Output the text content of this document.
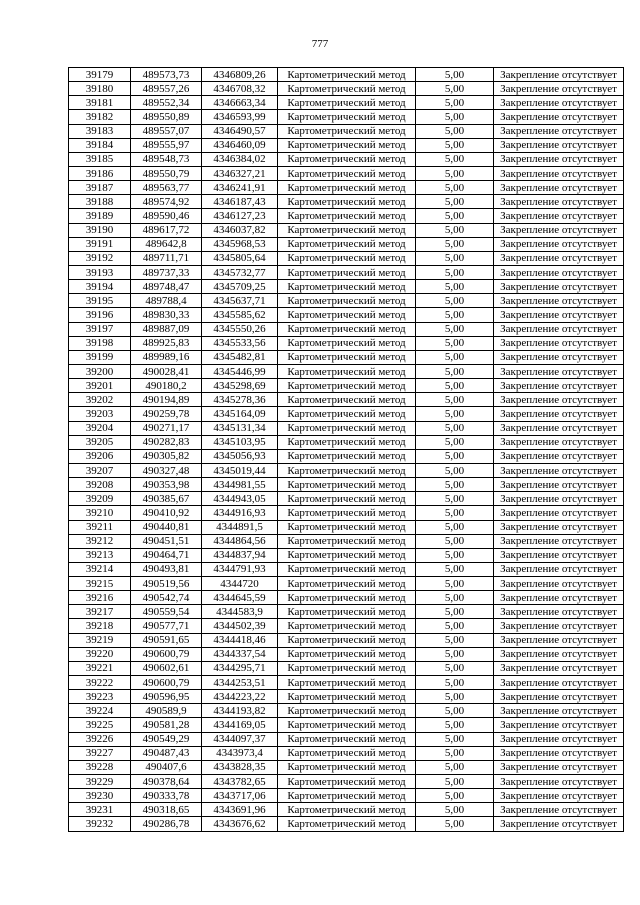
777
39179	489573,73	4346809,26	Картометрический метод	5,00	Закрепление отсутствует
39180	489557,26	4346708,32	Картометрический метод	5,00	Закрепление отсутствует
39181	489552,34	4346663,34	Картометрический метод	5,00	Закрепление отсутствует
39182	489550,89	4346593,99	Картометрический метод	5,00	Закрепление отсутствует
39183	489557,07	4346490,57	Картометрический метод	5,00	Закрепление отсутствует
39184	489555,97	4346460,09	Картометрический метод	5,00	Закрепление отсутствует
39185	489548,73	4346384,02	Картометрический метод	5,00	Закрепление отсутствует
39186	489550,79	4346327,21	Картометрический метод	5,00	Закрепление отсутствует
39187	489563,77	4346241,91	Картометрический метод	5,00	Закрепление отсутствует
39188	489574,92	4346187,43	Картометрический метод	5,00	Закрепление отсутствует
39189	489590,46	4346127,23	Картометрический метод	5,00	Закрепление отсутствует
39190	489617,72	4346037,82	Картометрический метод	5,00	Закрепление отсутствует
39191	489642,8	4345968,53	Картометрический метод	5,00	Закрепление отсутствует
39192	489711,71	4345805,64	Картометрический метод	5,00	Закрепление отсутствует
39193	489737,33	4345732,77	Картометрический метод	5,00	Закрепление отсутствует
39194	489748,47	4345709,25	Картометрический метод	5,00	Закрепление отсутствует
39195	489788,4	4345637,71	Картометрический метод	5,00	Закрепление отсутствует
39196	489830,33	4345585,62	Картометрический метод	5,00	Закрепление отсутствует
39197	489887,09	4345550,26	Картометрический метод	5,00	Закрепление отсутствует
39198	489925,83	4345533,56	Картометрический метод	5,00	Закрепление отсутствует
39199	489989,16	4345482,81	Картометрический метод	5,00	Закрепление отсутствует
39200	490028,41	4345446,99	Картометрический метод	5,00	Закрепление отсутствует
39201	490180,2	4345298,69	Картометрический метод	5,00	Закрепление отсутствует
39202	490194,89	4345278,36	Картометрический метод	5,00	Закрепление отсутствует
39203	490259,78	4345164,09	Картометрический метод	5,00	Закрепление отсутствует
39204	490271,17	4345131,34	Картометрический метод	5,00	Закрепление отсутствует
39205	490282,83	4345103,95	Картометрический метод	5,00	Закрепление отсутствует
39206	490305,82	4345056,93	Картометрический метод	5,00	Закрепление отсутствует
39207	490327,48	4345019,44	Картометрический метод	5,00	Закрепление отсутствует
39208	490353,98	4344981,55	Картометрический метод	5,00	Закрепление отсутствует
39209	490385,67	4344943,05	Картометрический метод	5,00	Закрепление отсутствует
39210	490410,92	4344916,93	Картометрический метод	5,00	Закрепление отсутствует
39211	490440,81	4344891,5	Картометрический метод	5,00	Закрепление отсутствует
39212	490451,51	4344864,56	Картометрический метод	5,00	Закрепление отсутствует
39213	490464,71	4344837,94	Картометрический метод	5,00	Закрепление отсутствует
39214	490493,81	4344791,93	Картометрический метод	5,00	Закрепление отсутствует
39215	490519,56	4344720	Картометрический метод	5,00	Закрепление отсутствует
39216	490542,74	4344645,59	Картометрический метод	5,00	Закрепление отсутствует
39217	490559,54	4344583,9	Картометрический метод	5,00	Закрепление отсутствует
39218	490577,71	4344502,39	Картометрический метод	5,00	Закрепление отсутствует
39219	490591,65	4344418,46	Картометрический метод	5,00	Закрепление отсутствует
39220	490600,79	4344337,54	Картометрический метод	5,00	Закрепление отсутствует
39221	490602,61	4344295,71	Картометрический метод	5,00	Закрепление отсутствует
39222	490600,79	4344253,51	Картометрический метод	5,00	Закрепление отсутствует
39223	490596,95	4344223,22	Картометрический метод	5,00	Закрепление отсутствует
39224	490589,9	4344193,82	Картометрический метод	5,00	Закрепление отсутствует
39225	490581,28	4344169,05	Картометрический метод	5,00	Закрепление отсутствует
39226	490549,29	4344097,37	Картометрический метод	5,00	Закрепление отсутствует
39227	490487,43	4343973,4	Картометрический метод	5,00	Закрепление отсутствует
39228	490407,6	4343828,35	Картометрический метод	5,00	Закрепление отсутствует
39229	490378,64	4343782,65	Картометрический метод	5,00	Закрепление отсутствует
39230	490333,78	4343717,06	Картометрический метод	5,00	Закрепление отсутствует
39231	490318,65	4343691,96	Картометрический метод	5,00	Закрепление отсутствует
39232	490286,78	4343676,62	Картометрический метод	5,00	Закрепление отсутствует
